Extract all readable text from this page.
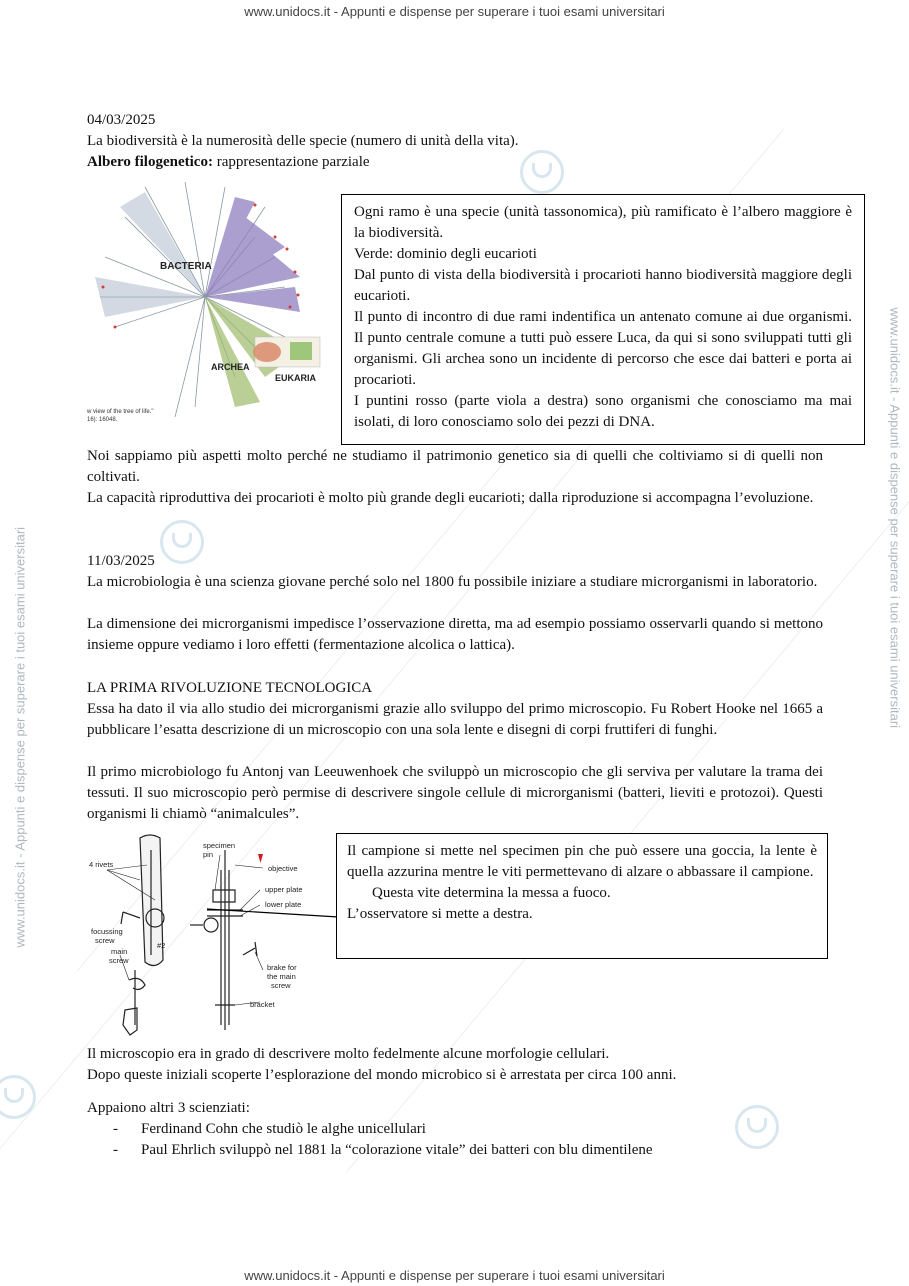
www.unidocs.it - Appunti e dispense per superare i tuoi esami universitari
www.unidocs.it - Appunti e dispense per superare i tuoi esami universitari
www.unidocs.it - Appunti e dispense per superare i tuoi esami universitari
www.unidocs.it - Appunti e dispense per superare i tuoi esami universitari

04/03/2025

La biodiversità è la numerosità delle specie (numero di unità della vita).

Albero filogenetico: rappresentazione parziale

BACTERIA
ARCHEA
EUKARIA
w view of the tree of life."
16): 16048.

Ogni ramo è una specie (unità tassonomica), più ramificato è l’albero maggiore è la biodiversità.

Verde: dominio degli eucarioti

Dal punto di vista della biodiversità i procarioti hanno biodiversità maggiore degli eucarioti.

Il punto di incontro di due rami indentifica un antenato comune ai due organismi. Il punto centrale comune a tutti può essere Luca, da qui si sono sviluppati tutti gli organismi. Gli archea sono un incidente di percorso che esce dai batteri e porta ai procarioti.

I puntini rosso (parte viola a destra) sono organismi che conosciamo ma mai isolati, di loro conosciamo solo dei pezzi di DNA.

Noi sappiamo più aspetti molto perché ne studiamo il patrimonio genetico sia di quelli che coltiviamo si di quelli non coltivati.

La capacità riproduttiva dei procarioti è molto più grande degli eucarioti; dalla riproduzione si accompagna l’evoluzione.

11/03/2025

La microbiologia è una scienza giovane perché solo nel 1800 fu possibile iniziare a studiare microrganismi in laboratorio.

La dimensione dei microrganismi impedisce l’osservazione diretta, ma ad esempio possiamo osservarli quando si mettono insieme oppure vediamo i loro effetti (fermentazione alcolica o lattica).

LA PRIMA RIVOLUZIONE TECNOLOGICA

Essa ha dato il via allo studio dei microrganismi grazie allo sviluppo del primo microscopio. Fu Robert Hooke nel 1665 a pubblicare l’esatta descrizione di un microscopio con una sola lente e disegni di corpi fruttiferi di funghi.

Il primo microbiologo fu Antonj van Leeuwenhoek che sviluppò un microscopio che gli serviva per valutare la trama dei tessuti. Il suo microscopio però permise di descrivere singole cellule di microrganismi (batteri, lieviti e protozoi). Questi organismi li chiamò “animalcules”.

4 rivets
specimen
pin
objective
upper plate
lower plate
focussing
screw
main
screw
brake for
the main
screw
bracket
#2

Il campione si mette nel specimen pin che può essere una goccia, la lente è quella azzurina mentre le viti permettevano di alzare o abbassare il campione.

Questa vite determina la messa a fuoco.

L’osservatore si mette a destra.

Il microscopio era in grado di descrivere molto fedelmente alcune morfologie cellulari.

Dopo queste iniziali scoperte l’esplorazione del mondo microbico si è arrestata per circa 100 anni.

Appaiono altri 3 scienziati:

- Ferdinand Cohn che studiò le alghe unicellulari
- Paul Ehrlich sviluppò nel 1881 la “colorazione vitale” dei batteri con blu dimentilene
